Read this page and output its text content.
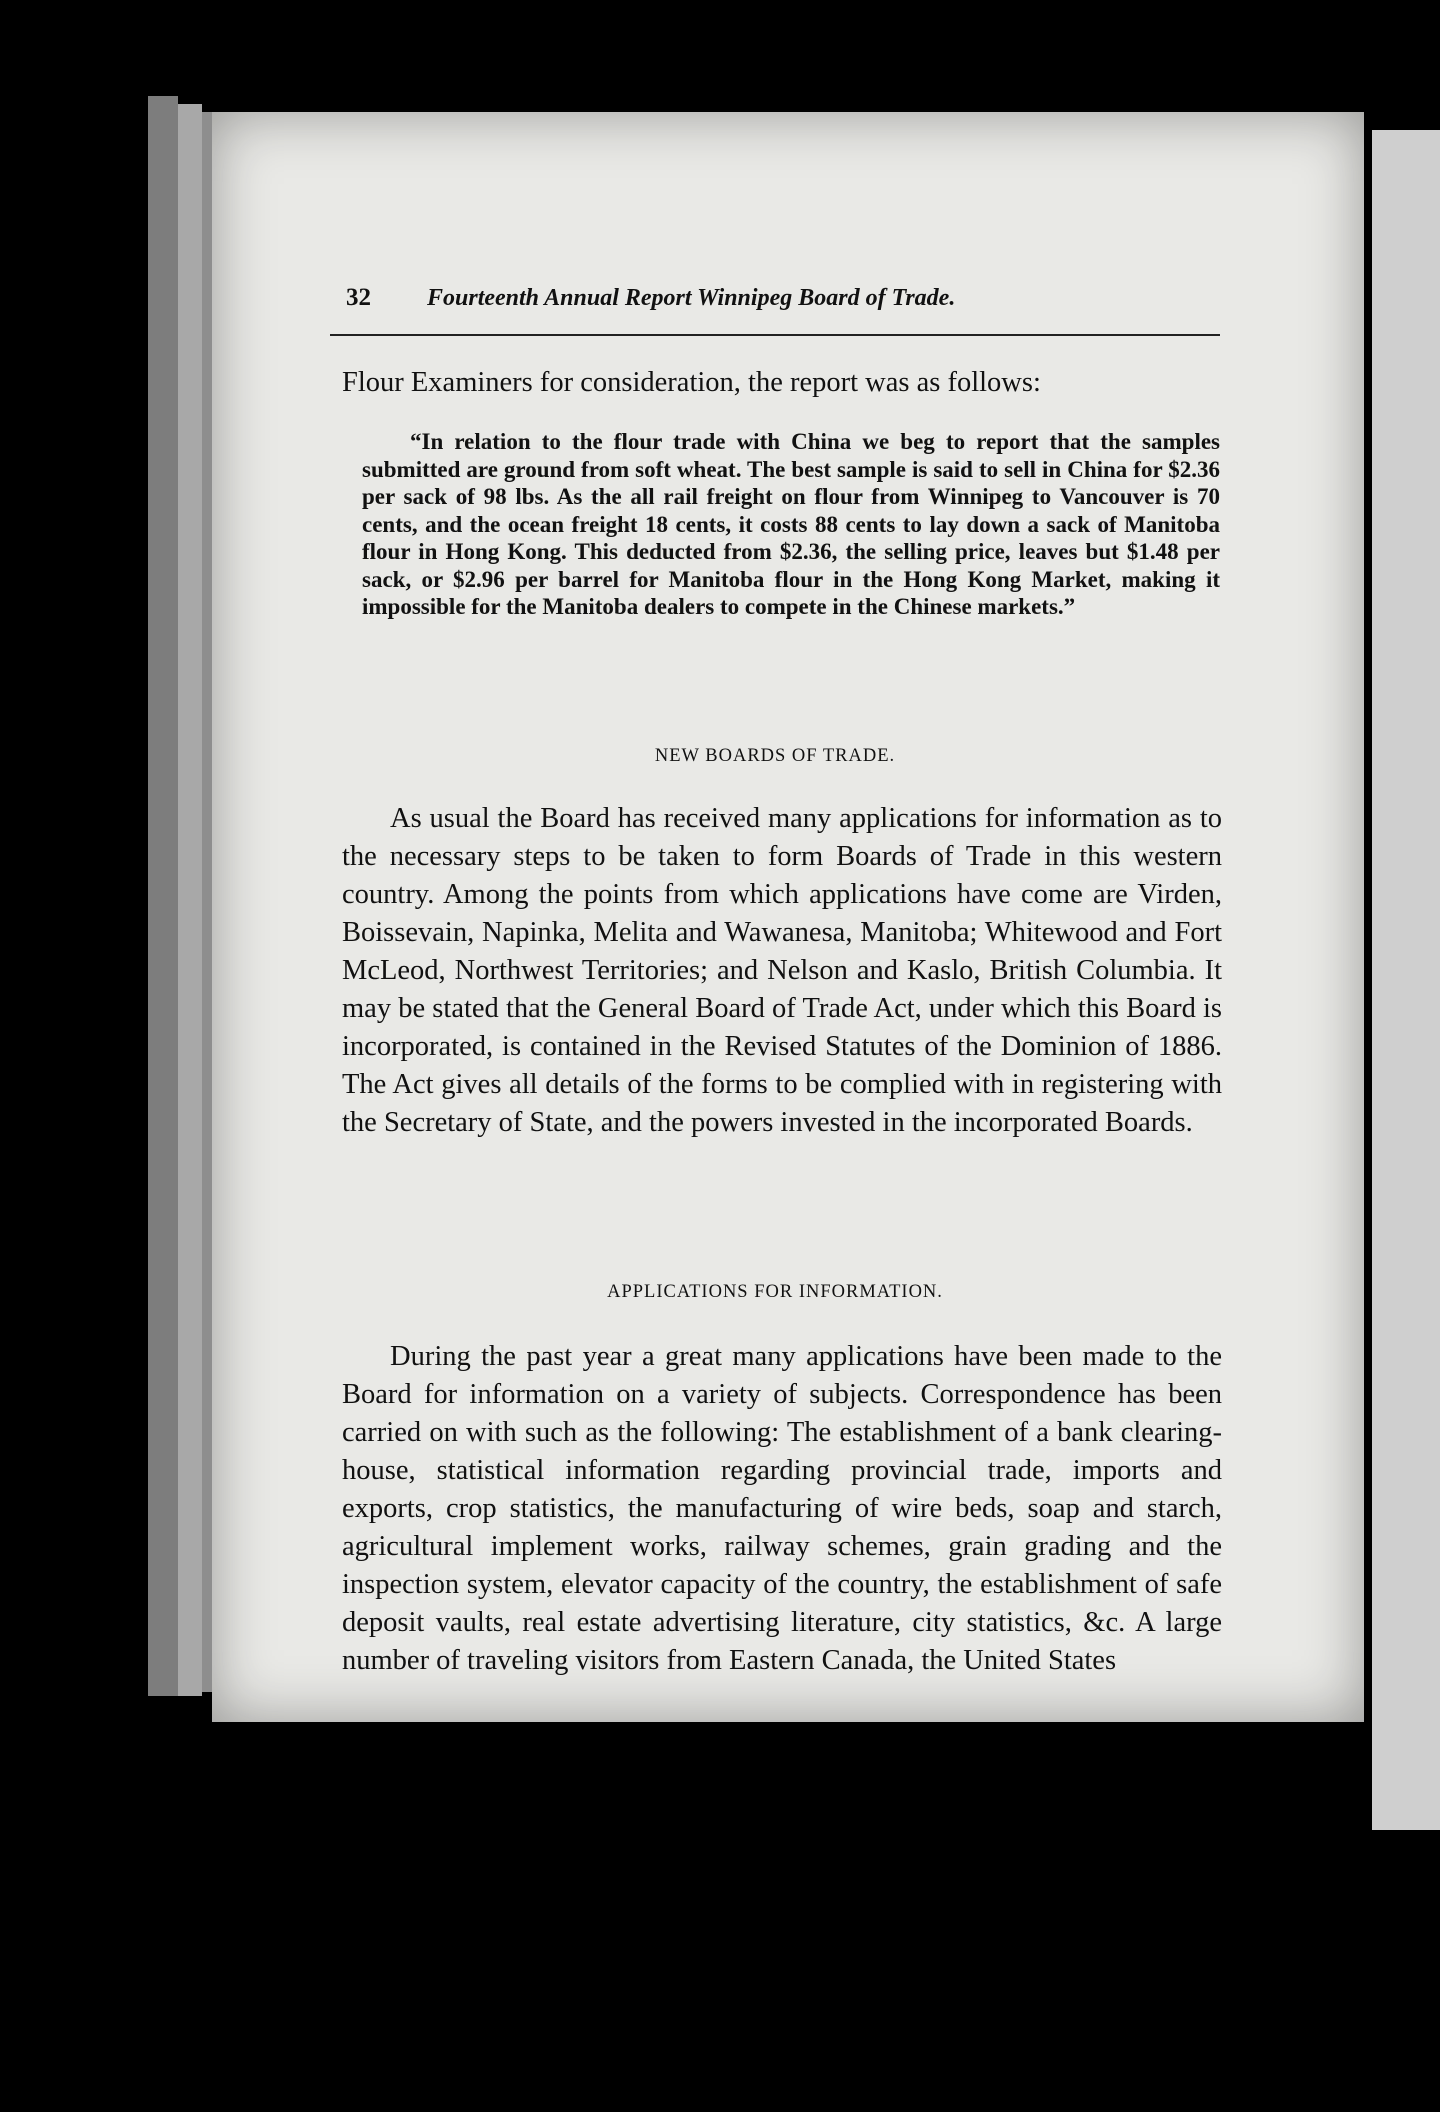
32 Fourteenth Annual Report Winnipeg Board of Trade.

Flour Examiners for consideration, the report was as follows:

“In relation to the flour trade with China we beg to report that the samples submitted are ground from soft wheat. The best sample is said to sell in China for $2.36 per sack of 98 lbs. As the all rail freight on flour from Winnipeg to Vancouver is 70 cents, and the ocean freight 18 cents, it costs 88 cents to lay down a sack of Manitoba flour in Hong Kong. This deducted from $2.36, the selling price, leaves but $1.48 per sack, or $2.96 per barrel for Manitoba flour in the Hong Kong Market, making it impossible for the Manitoba dealers to compete in the Chinese markets.”

NEW BOARDS OF TRADE.

As usual the Board has received many applications for information as to the necessary steps to be taken to form Boards of Trade in this western country. Among the points from which applications have come are Virden, Boissevain, Napinka, Melita and Wawanesa, Manitoba; Whitewood and Fort McLeod, Northwest Territories; and Nelson and Kaslo, British Columbia. It may be stated that the General Board of Trade Act, under which this Board is incorporated, is contained in the Revised Statutes of the Dominion of 1886. The Act gives all details of the forms to be complied with in registering with the Secretary of State, and the powers invested in the incorporated Boards.

APPLICATIONS FOR INFORMATION.

During the past year a great many applications have been made to the Board for information on a variety of subjects. Correspondence has been carried on with such as the following: The establishment of a bank clearing-house, statistical information regarding provincial trade, imports and exports, crop statistics, the manufacturing of wire beds, soap and starch, agricultural implement works, railway schemes, grain grading and the inspection system, elevator capacity of the country, the establishment of safe deposit vaults, real estate advertising literature, city statistics, &c. A large number of traveling visitors from Eastern Canada, the United States
